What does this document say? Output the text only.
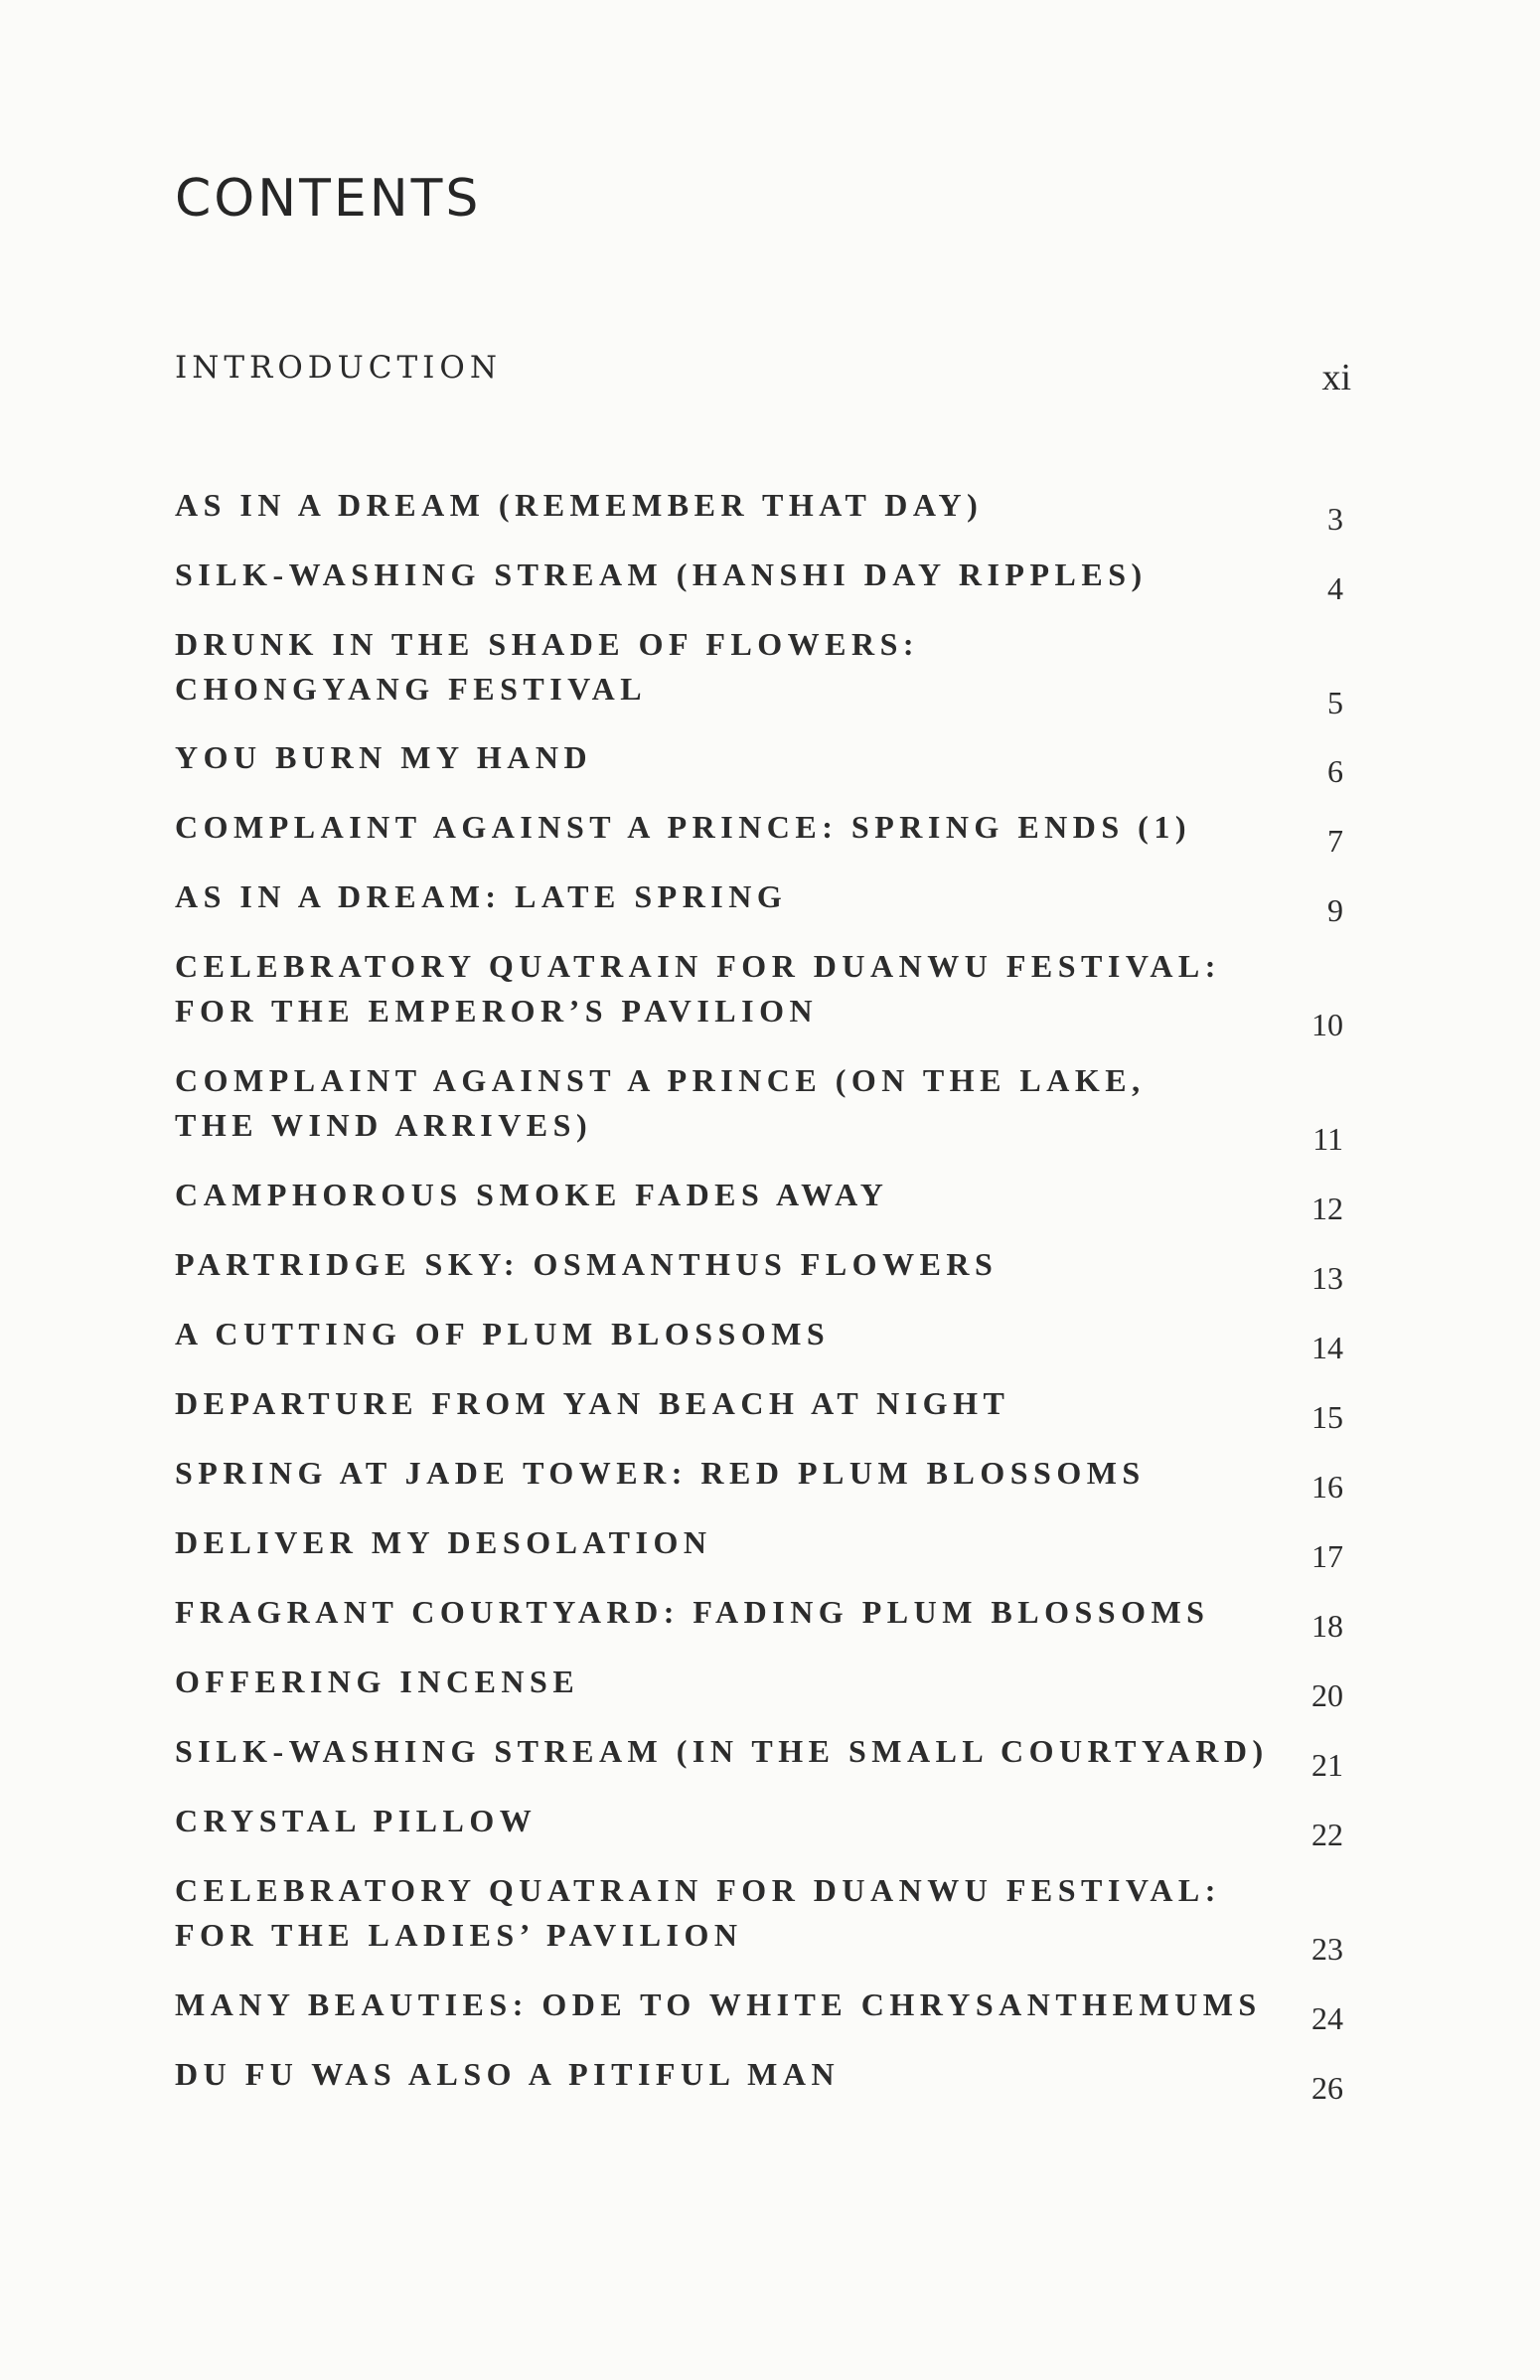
CONTENTS
INTRODUCTION	xi
AS IN A DREAM (REMEMBER THAT DAY)	3
SILK-WASHING STREAM (HANSHI DAY RIPPLES)	4
DRUNK IN THE SHADE OF FLOWERS:
CHONGYANG FESTIVAL	5
YOU BURN MY HAND	6
COMPLAINT AGAINST A PRINCE: SPRING ENDS (1)	7
AS IN A DREAM: LATE SPRING	9
CELEBRATORY QUATRAIN FOR DUANWU FESTIVAL:
FOR THE EMPEROR’S PAVILION	10
COMPLAINT AGAINST A PRINCE (ON THE LAKE,
THE WIND ARRIVES)	11
CAMPHOROUS SMOKE FADES AWAY	12
PARTRIDGE SKY: OSMANTHUS FLOWERS	13
A CUTTING OF PLUM BLOSSOMS	14
DEPARTURE FROM YAN BEACH AT NIGHT	15
SPRING AT JADE TOWER: RED PLUM BLOSSOMS	16
DELIVER MY DESOLATION	17
FRAGRANT COURTYARD: FADING PLUM BLOSSOMS	18
OFFERING INCENSE	20
SILK-WASHING STREAM (IN THE SMALL COURTYARD)	21
CRYSTAL PILLOW	22
CELEBRATORY QUATRAIN FOR DUANWU FESTIVAL:
FOR THE LADIES’ PAVILION	23
MANY BEAUTIES: ODE TO WHITE CHRYSANTHEMUMS	24
DU FU WAS ALSO A PITIFUL MAN	26
